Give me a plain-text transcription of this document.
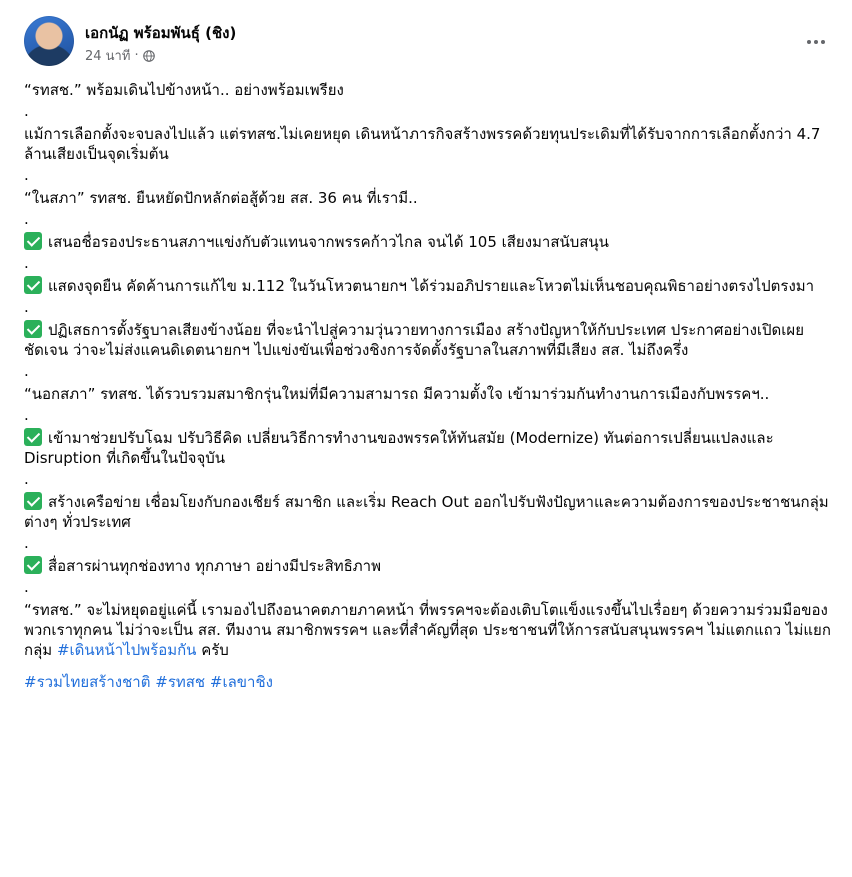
เอกนัฏ พร้อมพันธุ์ (ชิง)
24 นาที ·

“รทสช.” พร้อมเดินไปข้างหน้า.. อย่างพร้อมเพรียง

.

แม้การเลือกตั้งจะจบลงไปแล้ว แต่รทสช.ไม่เคยหยุด เดินหน้าภารกิจสร้างพรรคด้วยทุนประเดิมที่ได้รับจากการเลือกตั้งกว่า 4.7 ล้านเสียงเป็นจุดเริ่มต้น

.

“ในสภา” รทสช. ยืนหยัดปักหลักต่อสู้ด้วย สส. 36 คน ที่เรามี..

.

เสนอชื่อรองประธานสภาฯแข่งกับตัวแทนจากพรรคก้าวไกล จนได้ 105 เสียงมาสนับสนุน

.

แสดงจุดยืน คัดค้านการแก้ไข ม.112 ในวันโหวตนายกฯ ได้ร่วมอภิปรายและโหวตไม่เห็นชอบคุณพิธาอย่างตรงไปตรงมา

.

ปฏิเสธการตั้งรัฐบาลเสียงข้างน้อย ที่จะนำไปสู่ความวุ่นวายทางการเมือง สร้างปัญหาให้กับประเทศ ประกาศอย่างเปิดเผยชัดเจน ว่าจะไม่ส่งแคนดิเดตนายกฯ ไปแข่งขันเพื่อช่วงชิงการจัดตั้งรัฐบาลในสภาพที่มีเสียง สส. ไม่ถึงครึ่ง

.

“นอกสภา” รทสช. ได้รวบรวมสมาชิกรุ่นใหม่ที่มีความสามารถ มีความตั้งใจ เข้ามาร่วมกันทำงานการเมืองกับพรรคฯ..

.

เข้ามาช่วยปรับโฉม ปรับวิธีคิด เปลี่ยนวิธีการทำงานของพรรคให้ทันสมัย (Modernize) ทันต่อการเปลี่ยนแปลงและ Disruption ที่เกิดขึ้นในปัจจุบัน

.

สร้างเครือข่าย เชื่อมโยงกับกองเชียร์ สมาชิก และเริ่ม Reach Out ออกไปรับฟังปัญหาและความต้องการของประชาชนกลุ่มต่างๆ ทั่วประเทศ

.

สื่อสารผ่านทุกช่องทาง ทุกภาษา อย่างมีประสิทธิภาพ

.

“รทสช.” จะไม่หยุดอยู่แค่นี้ เรามองไปถึงอนาคตภายภาคหน้า ที่พรรคฯจะต้องเติบโตแข็งแรงขึ้นไปเรื่อยๆ ด้วยความร่วมมือของพวกเราทุกคน ไม่ว่าจะเป็น สส. ทีมงาน สมาชิกพรรคฯ และที่สำคัญที่สุด ประชาชนที่ให้การสนับสนุนพรรคฯ ไม่แตกแถว ไม่แยกกลุ่ม #เดินหน้าไปพร้อมกัน ครับ

#รวมไทยสร้างชาติ #รทสช #เลขาชิง
